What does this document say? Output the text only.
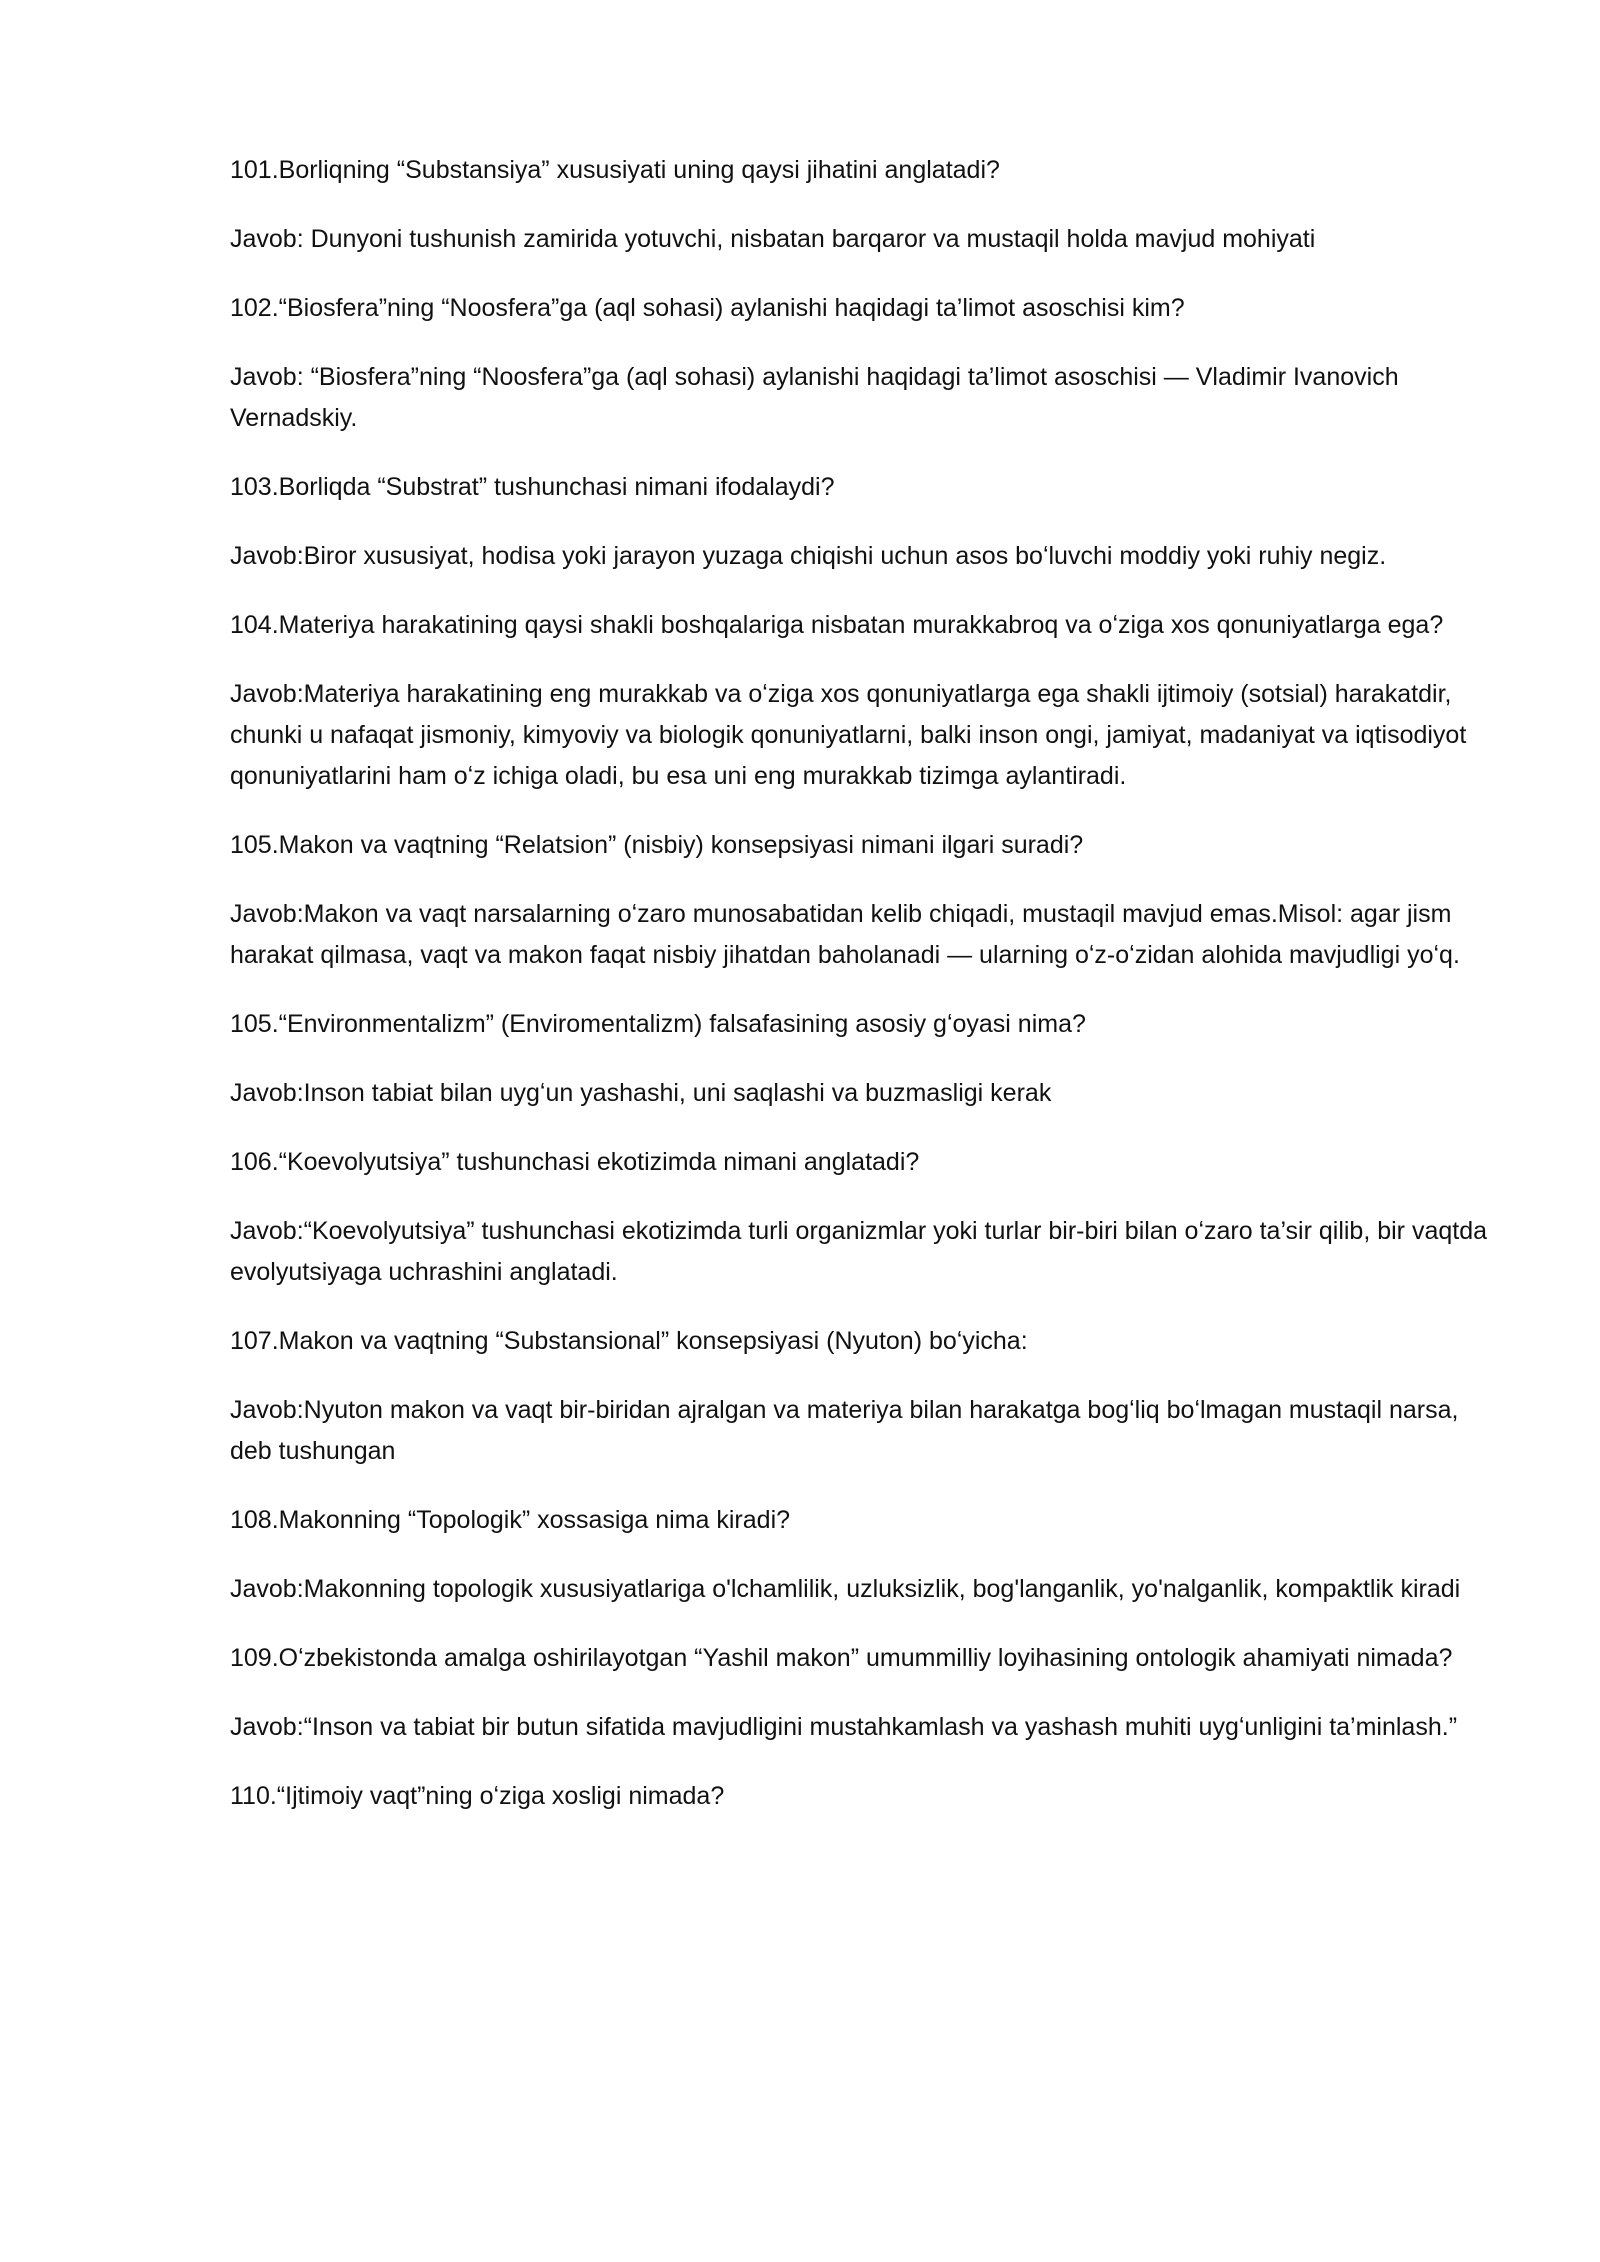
101.Borliqning “Substansiya” xususiyati uning qaysi jihatini anglatadi?

Javob: Dunyoni tushunish zamirida yotuvchi, nisbatan barqaror va mustaqil holda mavjud mohiyati

102.“Biosfera”ning “Noosfera”ga (aql sohasi) aylanishi haqidagi ta’limot asoschisi kim?

Javob: “Biosfera”ning “Noosfera”ga (aql sohasi) aylanishi haqidagi ta’limot asoschisi — Vladimir Ivanovich Vernadskiy.

103.Borliqda “Substrat” tushunchasi nimani ifodalaydi?

Javob:Biror xususiyat, hodisa yoki jarayon yuzaga chiqishi uchun asos boʻluvchi moddiy yoki ruhiy negiz.

104.Materiya harakatining qaysi shakli boshqalariga nisbatan murakkabroq va oʻziga xos qonuniyatlarga ega?

Javob:Materiya harakatining eng murakkab va oʻziga xos qonuniyatlarga ega shakli ijtimoiy (sotsial) harakatdir, chunki u nafaqat jismoniy, kimyoviy va biologik qonuniyatlarni, balki inson ongi, jamiyat, madaniyat va iqtisodiyot qonuniyatlarini ham oʻz ichiga oladi, bu esa uni eng murakkab tizimga aylantiradi.

105.Makon va vaqtning “Relatsion” (nisbiy) konsepsiyasi nimani ilgari suradi?

Javob:Makon va vaqt narsalarning oʻzaro munosabatidan kelib chiqadi, mustaqil mavjud emas.Misol: agar jism harakat qilmasa, vaqt va makon faqat nisbiy jihatdan baholanadi — ularning oʻz-oʻzidan alohida mavjudligi yoʻq.

105.“Environmentalizm” (Enviromentalizm) falsafasining asosiy gʻoyasi nima?

Javob:Inson tabiat bilan uygʻun yashashi, uni saqlashi va buzmasligi kerak

106.“Koevolyutsiya” tushunchasi ekotizimda nimani anglatadi?

Javob:“Koevolyutsiya” tushunchasi ekotizimda turli organizmlar yoki turlar bir-biri bilan oʻzaro ta’sir qilib, bir vaqtda evolyutsiyaga uchrashini anglatadi.

107.Makon va vaqtning “Substansional” konsepsiyasi (Nyuton) boʻyicha:

Javob:Nyuton makon va vaqt bir-biridan ajralgan va materiya bilan harakatga bogʻliq boʻlmagan mustaqil narsa, deb tushungan

108.Makonning “Topologik” xossasiga nima kiradi?

Javob:Makonning topologik xususiyatlariga o'lchamlilik, uzluksizlik, bog'langanlik, yo'nalganlik, kompaktlik kiradi

109.Oʻzbekistonda amalga oshirilayotgan “Yashil makon” umummilliy loyihasining ontologik ahamiyati nimada?

Javob:“Inson va tabiat bir butun sifatida mavjudligini mustahkamlash va yashash muhiti uygʻunligini ta’minlash.”

110.“Ijtimoiy vaqt”ning oʻziga xosligi nimada?
